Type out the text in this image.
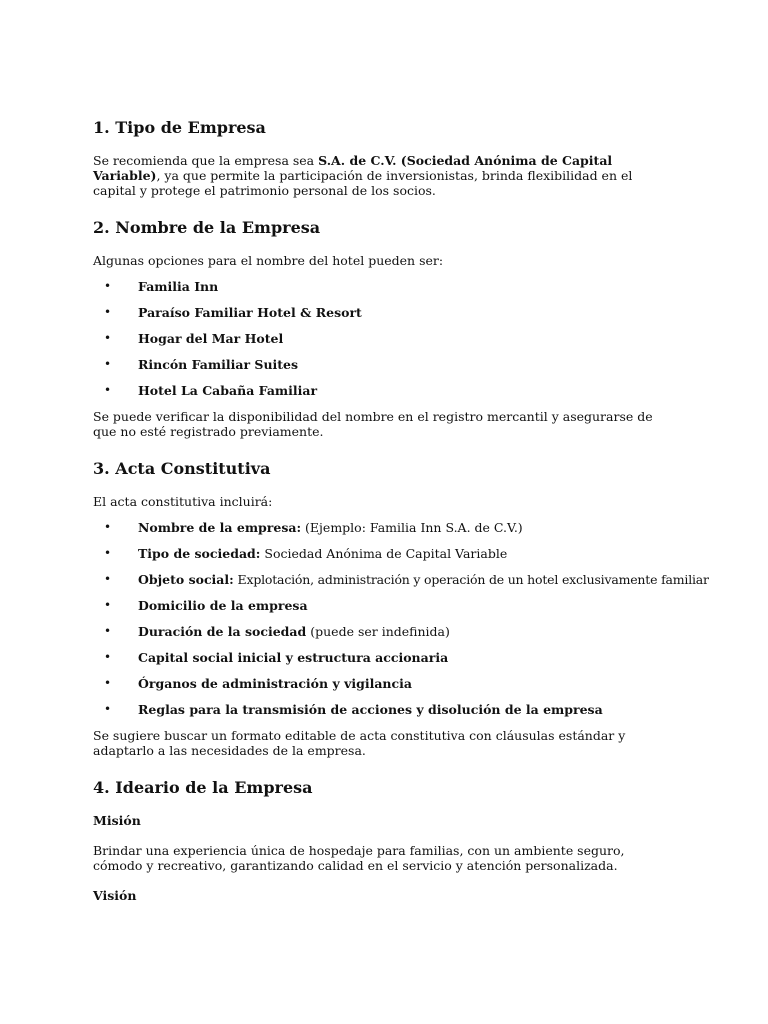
1. Tipo de Empresa

Se recomienda que la empresa sea S.A. de C.V. (Sociedad Anónima de Capital Variable), ya que permite la participación de inversionistas, brinda flexibilidad en el capital y protege el patrimonio personal de los socios.

2. Nombre de la Empresa

Algunas opciones para el nombre del hotel pueden ser:

• Familia Inn
• Paraíso Familiar Hotel & Resort
• Hogar del Mar Hotel
• Rincón Familiar Suites
• Hotel La Cabaña Familiar

Se puede verificar la disponibilidad del nombre en el registro mercantil y asegurarse de que no esté registrado previamente.

3. Acta Constitutiva

El acta constitutiva incluirá:

• Nombre de la empresa: (Ejemplo: Familia Inn S.A. de C.V.)
• Tipo de sociedad: Sociedad Anónima de Capital Variable
• Objeto social: Explotación, administración y operación de un hotel exclusivamente familiar
• Domicilio de la empresa
• Duración de la sociedad (puede ser indefinida)
• Capital social inicial y estructura accionaria
• Órganos de administración y vigilancia
• Reglas para la transmisión de acciones y disolución de la empresa

Se sugiere buscar un formato editable de acta constitutiva con cláusulas estándar y adaptarlo a las necesidades de la empresa.

4. Ideario de la Empresa
Misión

Brindar una experiencia única de hospedaje para familias, con un ambiente seguro, cómodo y recreativo, garantizando calidad en el servicio y atención personalizada.

Visión
